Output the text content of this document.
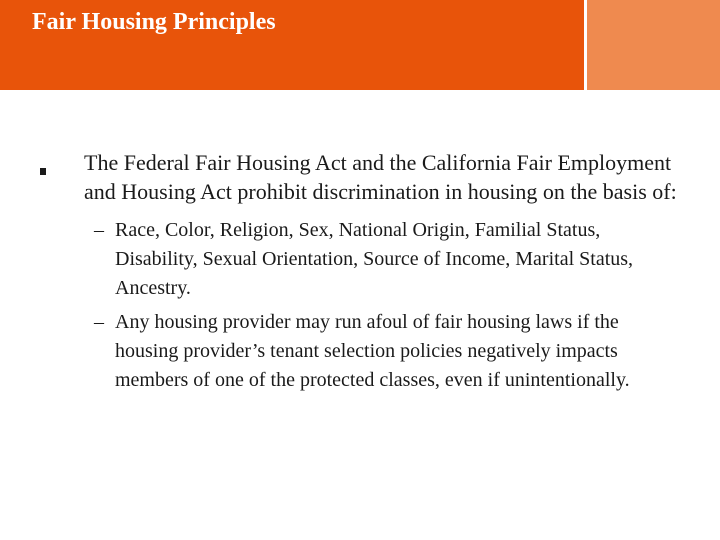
Fair Housing Principles
The Federal Fair Housing Act and the California Fair Employment and Housing Act prohibit discrimination in housing on the basis of:
– Race, Color, Religion, Sex, National Origin, Familial Status, Disability, Sexual Orientation, Source of Income, Marital Status, Ancestry.
– Any housing provider may run afoul of fair housing laws if the housing provider’s tenant selection policies negatively impacts members of one of the protected classes, even if unintentionally.
